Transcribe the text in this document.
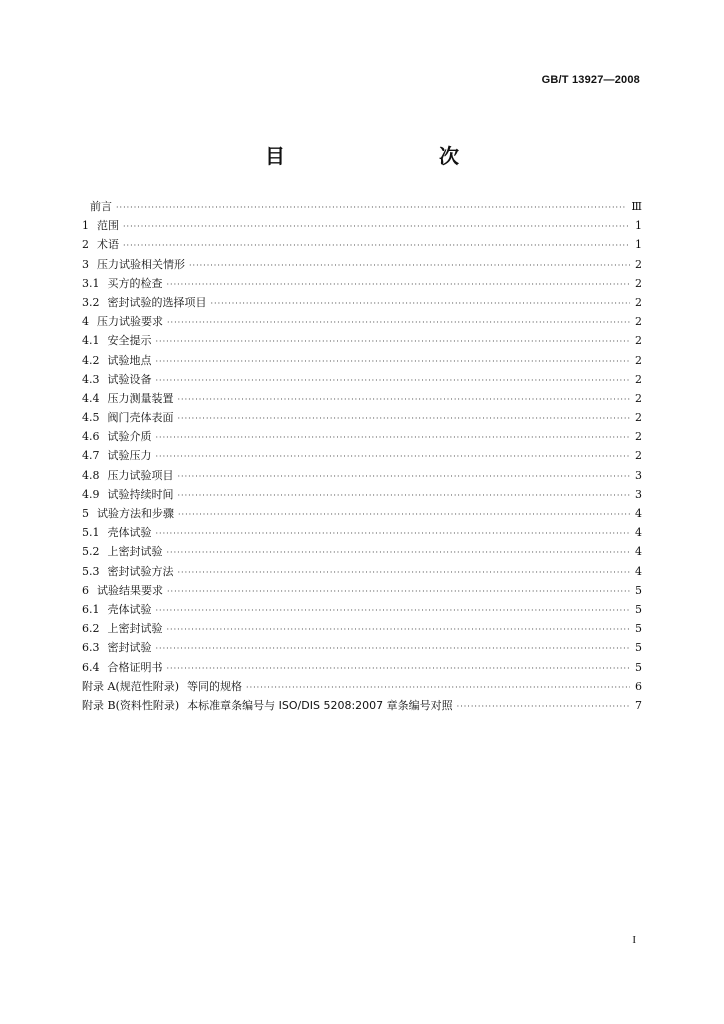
GB/T 13927—2008
目　　次
前言 ·····	Ⅲ
1 范围 ·····	1
2 术语 ·····	1
3 压力试验相关情形 ·····	2
3.1 买方的检查 ·····	2
3.2 密封试验的选择项目 ·····	2
4 压力试验要求 ·····	2
4.1 安全提示 ·····	2
4.2 试验地点 ·····	2
4.3 试验设备 ·····	2
4.4 压力测量装置 ·····	2
4.5 阀门壳体表面 ·····	2
4.6 试验介质 ·····	2
4.7 试验压力 ·····	2
4.8 压力试验项目 ·····	3
4.9 试验持续时间 ·····	3
5 试验方法和步骤 ·····	4
5.1 壳体试验 ·····	4
5.2 上密封试验 ·····	4
5.3 密封试验方法 ·····	4
6 试验结果要求 ·····	5
6.1 壳体试验 ·····	5
6.2 上密封试验 ·····	5
6.3 密封试验 ·····	5
6.4 合格证明书 ·····	5
附录 A(规范性附录) 等同的规格 ·····	6
附录 B(资料性附录) 本标准章条编号与 ISO/DIS 5208:2007 章条编号对照 ·····	7
I
